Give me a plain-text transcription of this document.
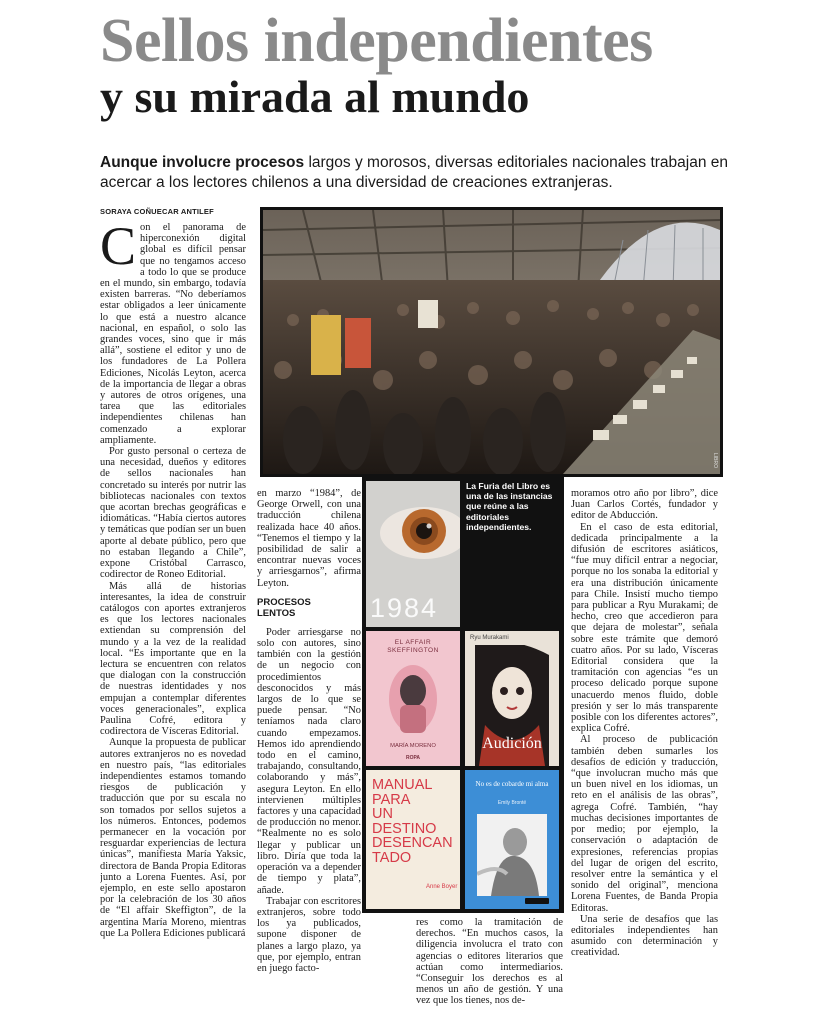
Sellos independientes
y su mirada al mundo
Aunque involucre procesos largos y morosos, diversas editoriales nacionales trabajan en acercar a los lectores chilenos a una diversidad de creaciones extranjeras.
SORAYA COÑUECAR ANTILEF
LIBRO
1984
La Furia del Libro es una de las instancias que reúne a las editoriales independientes.
EL AFFAIR SKEFFINGTON
MARÍA MORENO
ROPA
Ryu Murakami
Audición
MANUAL
PARA
UN
DESTINO
DESENCAN
TADO
Anne Boyer
No es de cobarde mi alma
Emily Brontë
C on el panorama de hiperconexión digital global es difícil pensar que no tengamos acceso a todo lo que se produce en el mundo, sin embargo, todavía existen barreras. “No deberíamos estar obligados a leer únicamente lo que está a nuestro alcance nacional, en español, o solo las grandes voces, sino que ir más allá”, sostiene el editor y uno de los fundadores de La Pollera Ediciones, Nicolás Leyton, acerca de la importancia de llegar a obras y autores de otros orígenes, una tarea que las editoriales independientes chilenas han comenzado a explorar ampliamente.

Por gusto personal o certeza de una necesidad, dueños y editores de sellos nacionales han concretado su interés por nutrir las bibliotecas nacionales con textos que acortan brechas geográficas e idiomáticas. “Había ciertos autores y temáticas que podían ser un buen aporte al debate público, pero que no estaban llegando a Chile”, expone Cristóbal Carrasco, codirector de Roneo Editorial.

Más allá de historias interesantes, la idea de construir catálogos con aportes extranjeros es que los lectores nacionales extiendan su comprensión del mundo y a la vez de la realidad local. “Es importante que en la lectura se encuentren con relatos que dialogan con la construcción de nuestras identidades y nos empujan a contemplar diferentes voces generacionales”, explica Paulina Cofré, editora y codirectora de Vísceras Editorial.

Aunque la propuesta de publicar autores extranjeros no es novedad en nuestro país, “las editoriales independientes estamos tomando riesgos de publicación y traducción que por su escala no son tomados por sellos sujetos a los números. Entonces, podemos permanecer en la vocación por resguardar experiencias de lectura únicas”, manifiesta María Yaksic, directora de Banda Propia Editoras junto a Lorena Fuentes. Así, por ejemplo, en este sello apostaron por la celebración de los 30 años de “El affair Skeffigton”, de la argentina María Moreno, mientras que La Pollera Ediciones publicará

en marzo “1984”, de George Orwell, con una traducción chilena realizada hace 40 años. “Tenemos el tiempo y la posibilidad de salir a encontrar nuevas voces y arriesgarnos”, afirma Leyton.

PROCESOS
LENTOS

Poder arriesgarse no solo con autores, sino también con la gestión de un negocio con procedimientos desconocidos y más largos de lo que se puede pensar. “No teníamos nada claro cuando empezamos. Hemos ido aprendiendo todo en el camino, trabajando, consultando, colaborando y más”, asegura Leyton. En ello intervienen múltiples factores y una capacidad de producción no menor. “Realmente no es solo llegar y publicar un libro. Diría que toda la operación va a depender de tiempo y plata”, añade.

Trabajar con escritores extranjeros, sobre todo los ya publicados, supone disponer de planes a largo plazo, ya que, por ejemplo, entran en juego facto-

res como la tramitación de derechos. “En muchos casos, la diligencia involucra el trato con agencias o editores literarios que actúan como intermediarios. “Conseguir los derechos es al menos un año de gestión. Y una vez que los tienes, nos de-

moramos otro año por libro”, dice Juan Carlos Cortés, fundador y editor de Abducción.

En el caso de esta editorial, dedicada principalmente a la difusión de escritores asiáticos, “fue muy difícil entrar a negociar, porque no los sonaba la editorial y era una distribución únicamente para Chile. Insistí mucho tiempo para publicar a Ryu Murakami; de hecho, creo que accedieron para que dejara de molestar”, señala sobre este trámite que demoró cuatro años. Por su lado, Vísceras Editorial considera que la tramitación con agencias “es un proceso delicado porque supone unacuerdo menos fluido, doble presión y ser lo más transparente posible con los diferentes actores”, explica Cofré.

Al proceso de publicación también deben sumarles los desafíos de edición y traducción, “que involucran mucho más que un buen nivel en los idiomas, un reto en el análisis de las obras”, agrega Cofré. También, “hay muchas decisiones importantes de por medio; por ejemplo, la conservación o adaptación de expresiones, referencias propias del lugar de origen del escrito, resolver entre la semántica y el sonido del original”, menciona Lorena Fuentes, de Banda Propia Editoras.

Una serie de desafíos que las editoriales independientes han asumido con determinación y creatividad.
